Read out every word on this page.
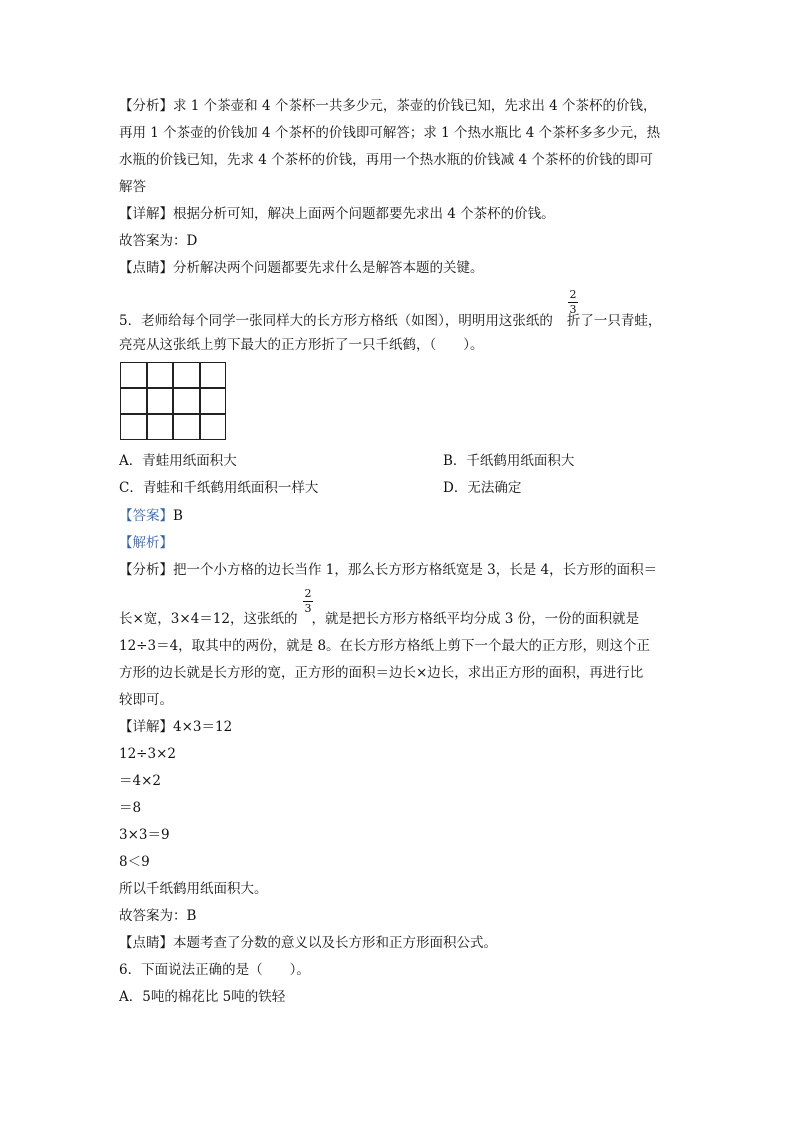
【分析】求 1 个茶壶和 4 个茶杯一共多少元，茶壶的价钱已知，先求出 4 个茶杯的价钱，
再用 1 个茶壶的价钱加 4 个茶杯的价钱即可解答；求 1 个热水瓶比 4 个茶杯多多少元，热
水瓶的价钱已知，先求 4 个茶杯的价钱，再用一个热水瓶的价钱减 4 个茶杯的价钱的即可
解答
【详解】根据分析可知，解决上面两个问题都要先求出 4 个茶杯的价钱。
故答案为：D
【点睛】分析解决两个问题都要先求什么是解答本题的关键。
5．老师给每个同学一张同样大的长方形方格纸（如图），明明用这张纸的 折了一只青蛙，
2
3
亮亮从这张纸上剪下最大的正方形折了一只千纸鹤，（　　）。
A．青蛙用纸面积大	B．千纸鹤用纸面积大
C．青蛙和千纸鹤用纸面积一样大	D．无法确定
【答案】B
【解析】
【分析】把一个小方格的边长当作 1，那么长方形方格纸宽是 3，长是 4，长方形的面积＝
长×宽，3×4＝12，这张纸的 ，就是把长方形方格纸平均分成 3 份，一份的面积就是
2
3
12÷3＝4，取其中的两份，就是 8。在长方形方格纸上剪下一个最大的正方形，则这个正
方形的边长就是长方形的宽，正方形的面积＝边长×边长，求出正方形的面积，再进行比
较即可。
【详解】4×3＝12
12÷3×2
＝4×2
＝8
3×3＝9
8＜9
所以千纸鹤用纸面积大。
故答案为：B
【点睛】本题考查了分数的意义以及长方形和正方形面积公式。
6．下面说法正确的是（　　）。
A．5吨的棉花比 5吨的铁轻
